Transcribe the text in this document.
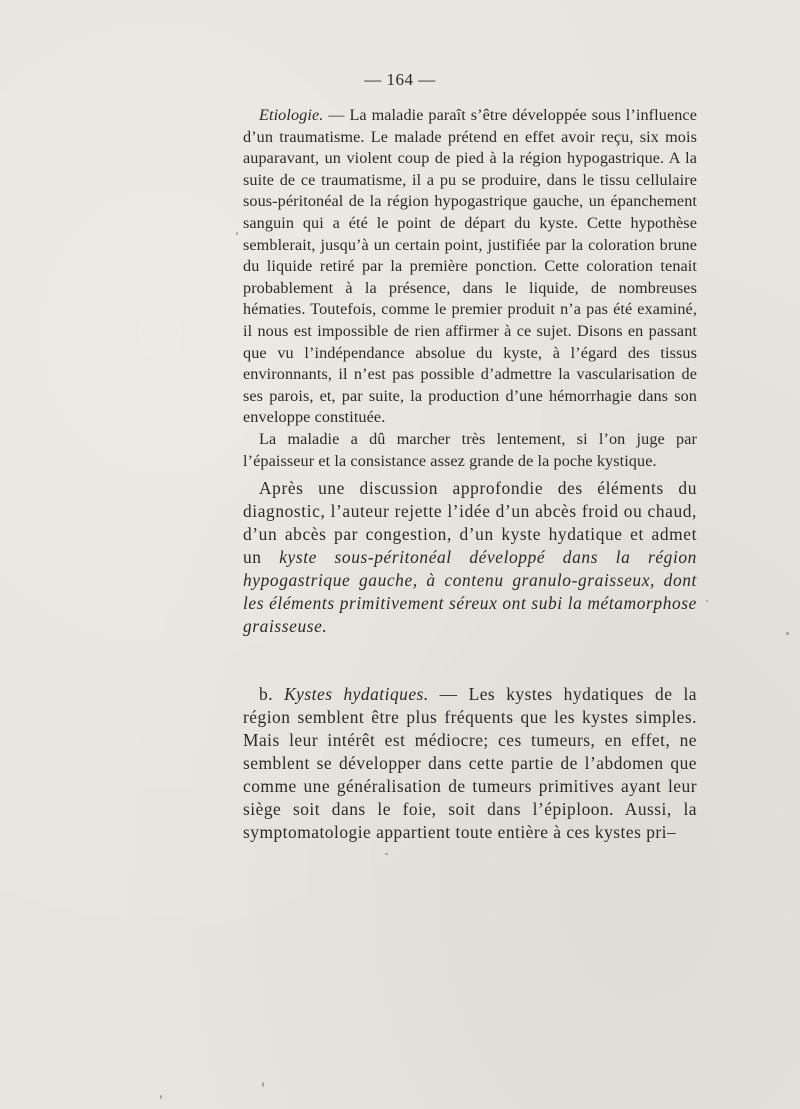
— 164 —

Etiologie. — La maladie paraît s’être développée sous l’influence d’un traumatisme. Le malade prétend en effet avoir reçu, six mois auparavant, un violent coup de pied à la région hypogastrique. A la suite de ce traumatisme, il a pu se produire, dans le tissu cellulaire sous-péritonéal de la région hypogastrique gauche, un épanchement sanguin qui a été le point de départ du kyste. Cette hypothèse semblerait, jusqu’à un certain point, justifiée par la coloration brune du liquide retiré par la première ponction. Cette coloration tenait probablement à la présence, dans le liquide, de nombreuses hématies. Toutefois, comme le premier produit n’a pas été examiné, il nous est impossible de rien affirmer à ce sujet. Disons en passant que vu l’indépendance absolue du kyste, à l’égard des tissus environnants, il n’est pas possible d’admettre la vascularisation de ses parois, et, par suite, la production d’une hémorrhagie dans son enveloppe constituée.

La maladie a dû marcher très lentement, si l’on juge par l’épaisseur et la consistance assez grande de la poche kystique.

Après une discussion approfondie des éléments du diagnostic, l’auteur rejette l’idée d’un abcès froid ou chaud, d’un abcès par congestion, d’un kyste hydatique et admet un kyste sous-péritonéal développé dans la région hypogastrique gauche, à contenu granulo-graisseux, dont les éléments primitivement séreux ont subi la métamorphose graisseuse.

b. Kystes hydatiques. — Les kystes hydatiques de la région semblent être plus fréquents que les kystes simples. Mais leur intérêt est médiocre; ces tumeurs, en effet, ne semblent se développer dans cette partie de l’abdomen que comme une généralisation de tumeurs primitives ayant leur siège soit dans le foie, soit dans l’épiploon. Aussi, la symptomatologie appartient toute entière à ces kystes pri–
